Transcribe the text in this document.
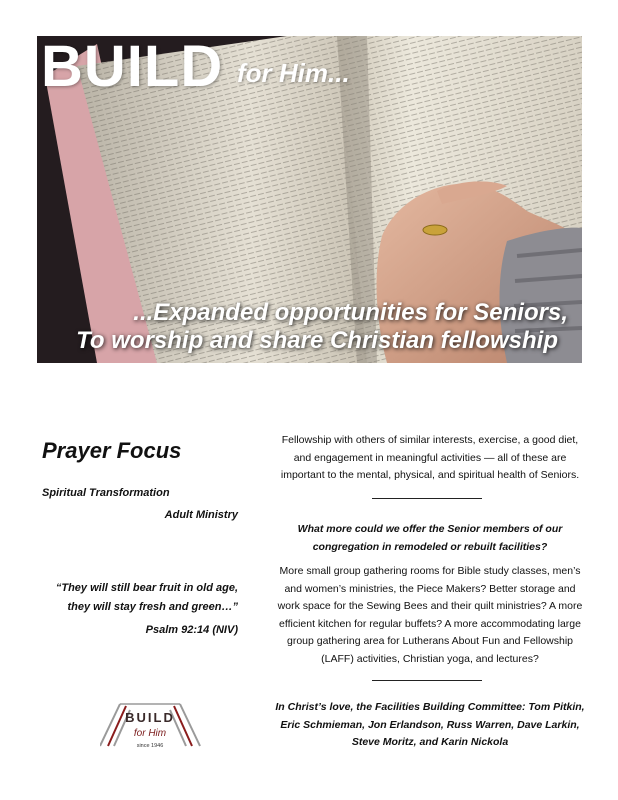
BUILD for Him...
...Expanded opportunities for Seniors,
To worship and share Christian fellowship
Prayer Focus
Spiritual Transformation
Adult Ministry
“They will still bear fruit in old age,
they will stay fresh and green…”
Psalm 92:14 (NIV)
BUILD
for Him
since 1946
Fellowship with others of similar interests, exercise, a good diet, and engagement in meaningful activities — all of these are important to the mental, physical, and spiritual health of Seniors.
What more could we offer the Senior members of our congregation in remodeled or rebuilt facilities?
More small group gathering rooms for Bible study classes, men’s and women’s ministries, the Piece Makers? Better storage and work space for the Sewing Bees and their quilt ministries? A more efficient kitchen for regular buffets? A more accommodating large group gathering area for Lutherans About Fun and Fellowship (LAFF) activities, Christian yoga, and lectures?
In Christ’s love, the Facilities Building Committee: Tom Pitkin, Eric Schmieman, Jon Erlandson, Russ Warren, Dave Larkin, Steve Moritz, and Karin Nickola
